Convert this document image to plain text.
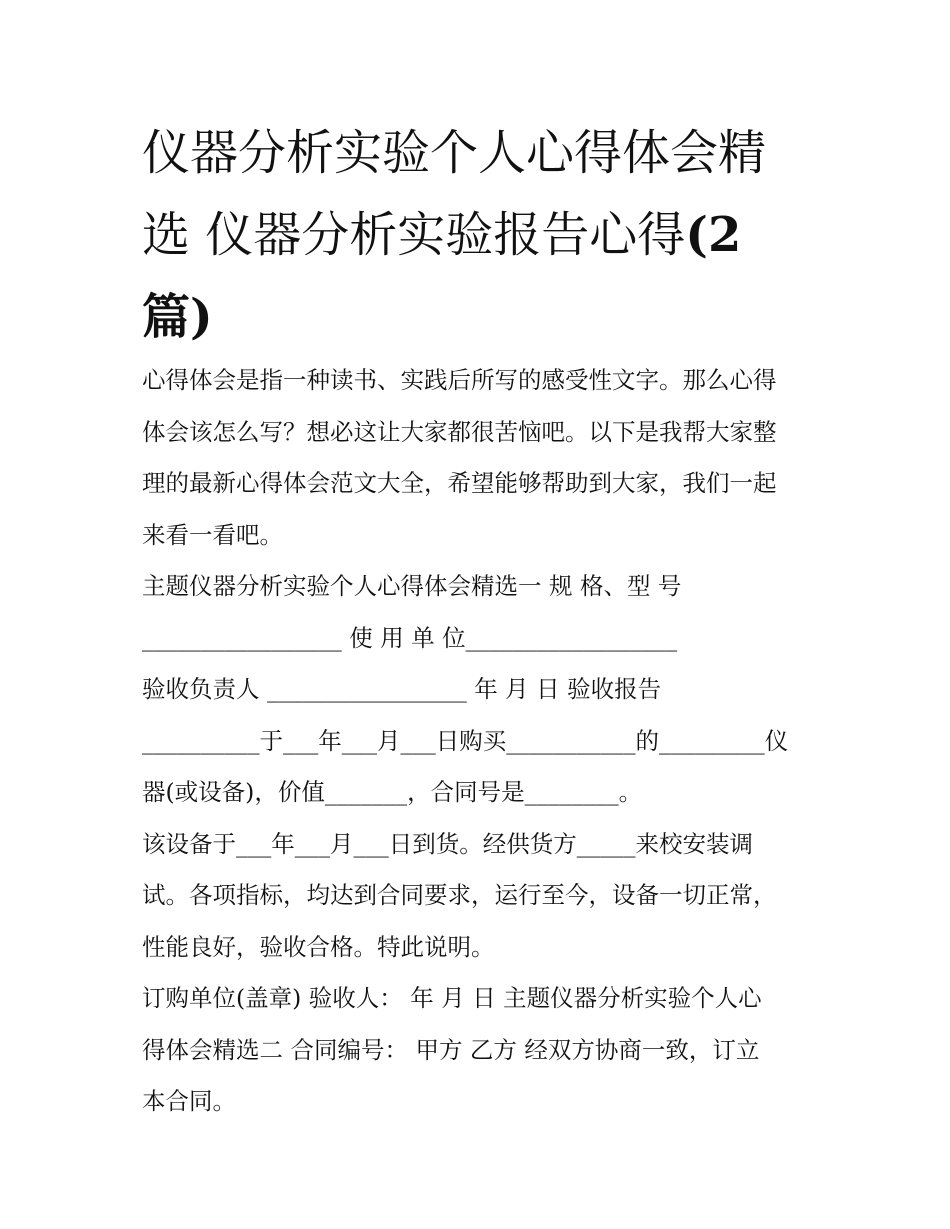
仪器分析实验个人心得体会精
选 仪器分析实验报告心得(2
篇)

心得体会是指一种读书、实践后所写的感受性文字。那么心得
体会该怎么写？想必这让大家都很苦恼吧。以下是我帮大家整
理的最新心得体会范文大全，希望能够帮助到大家，我们一起
来看一看吧。

主题仪器分析实验个人心得体会精选一 规 格、型 号
_________________ 使 用 单 位__________________

验收负责人 _________________ 年 月 日 验收报告
__________于___年___月___日购买___________的_________仪
器(或设备)，价值_______，合同号是________。

该设备于___年___月___日到货。经供货方_____来校安装调
试。各项指标，均达到合同要求，运行至今，设备一切正常，
性能良好，验收合格。特此说明。

订购单位(盖章) 验收人： 年 月 日 主题仪器分析实验个人心
得体会精选二 合同编号： 甲方 乙方 经双方协商一致，订立
本合同。
